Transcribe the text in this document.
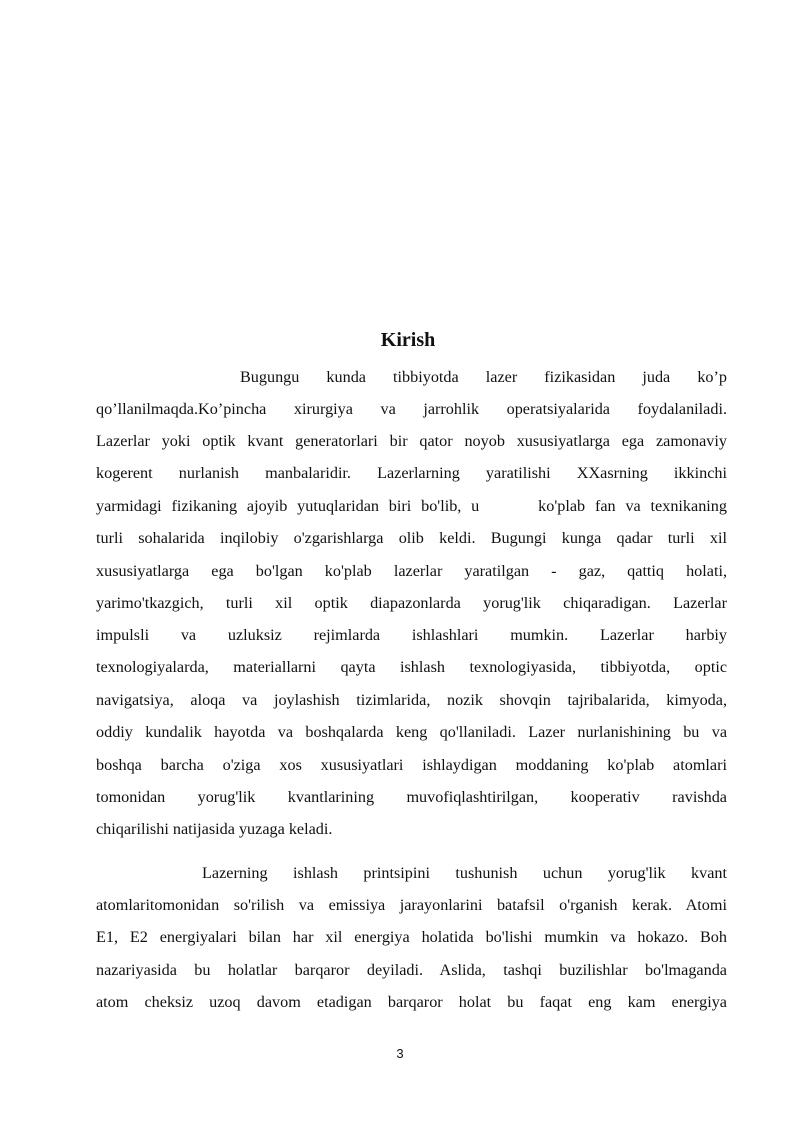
Kirish
Bugungu kunda tibbiyotda lazer fizikasidan juda ko’p
qo’llanilmaqda.Ko’pincha xirurgiya va jarrohlik operatsiyalarida foydalaniladi.
Lazerlar yoki optik kvant generatorlari bir qator noyob xususiyatlarga ega zamonaviy
kogerent nurlanish manbalaridir. Lazerlarning yaratilishi XXasrning ikkinchi
yarmidagi fizikaning ajoyib yutuqlaridan biri bo'lib, u      ko'plab fan va texnikaning
turli sohalarida inqilobiy o'zgarishlarga olib keldi. Bugungi kunga qadar turli xil
xususiyatlarga ega bo'lgan ko'plab lazerlar yaratilgan - gaz, qattiq holati,
yarimo'tkazgich, turli xil optik diapazonlarda yorug'lik chiqaradigan. Lazerlar
impulsli va uzluksiz rejimlarda ishlashlari mumkin. Lazerlar harbiy
texnologiyalarda, materiallarni qayta ishlash texnologiyasida, tibbiyotda, optic
navigatsiya, aloqa va joylashish tizimlarida, nozik shovqin tajribalarida, kimyoda,
oddiy kundalik hayotda va boshqalarda keng qo'llaniladi. Lazer nurlanishining bu va
boshqa barcha o'ziga xos xususiyatlari ishlaydigan moddaning ko'plab atomlari
tomonidan yorug'lik kvantlarining muvofiqlashtirilgan, kooperativ ravishda
chiqarilishi natijasida yuzaga keladi.
Lazerning ishlash printsipini tushunish uchun yorug'lik kvant
atomlaritomonidan so'rilish va emissiya jarayonlarini batafsil o'rganish kerak. Atomi
E1, E2 energiyalari bilan har xil energiya holatida bo'lishi mumkin va hokazo. Boh
nazariyasida bu holatlar barqaror deyiladi. Aslida, tashqi buzilishlar bo'lmaganda
atom cheksiz uzoq davom etadigan barqaror holat bu faqat eng kam energiya
3
